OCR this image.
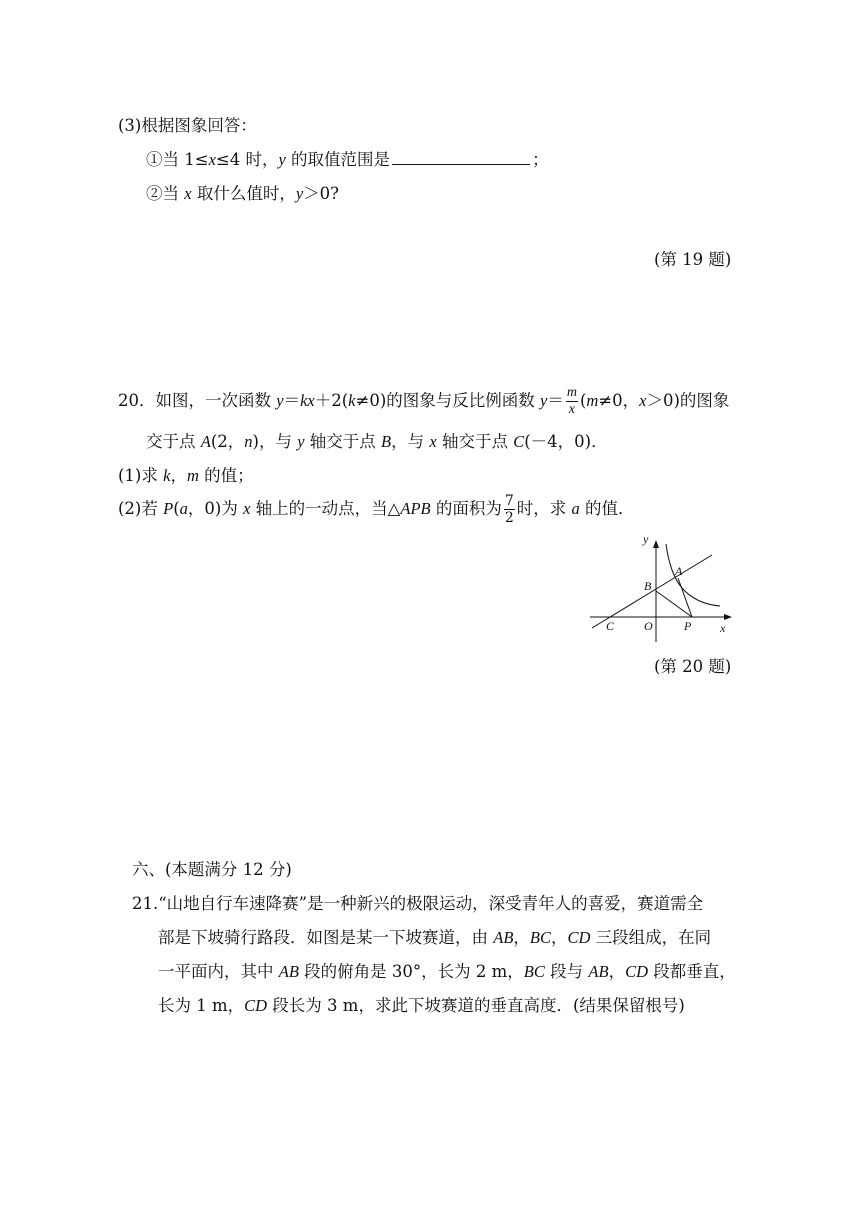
(3)根据图象回答：
①当 1≤x≤4 时，y 的取值范围是	；
②当 x 取什么值时，y＞0?
(第 19 题)
20．如图，一次函数 y＝kx＋2(k≠0)的图象与反比例函数 $y= \frac{m}{x} (m\ne 0$，x＞0)的图象
交于点 A(2，n)，与 y 轴交于点 B，与 x 轴交于点 C(－4，0)．
(1)求 k，m 的值；
(2)若 P(a，0)为 x 轴上的一动点，当△APB 的面积为 $\frac{7}{2}$ 时，求 a 的值．
y
x
A
B
C O	P
(第 20 题)
六、(本题满分 12 分)
21.“山地自行车速降赛”是一种新兴的极限运动，深受青年人的喜爱，赛道需全
部是下坡骑行路段．如图是某一下坡赛道，由 AB，BC，CD 三段组成，在同
一平面内，其中 AB 段的俯角是 30°，长为 2 m，BC 段与 AB，CD 段都垂直，
长为 1 m，CD 段长为 3 m，求此下坡赛道的垂直高度．(结果保留根号)
